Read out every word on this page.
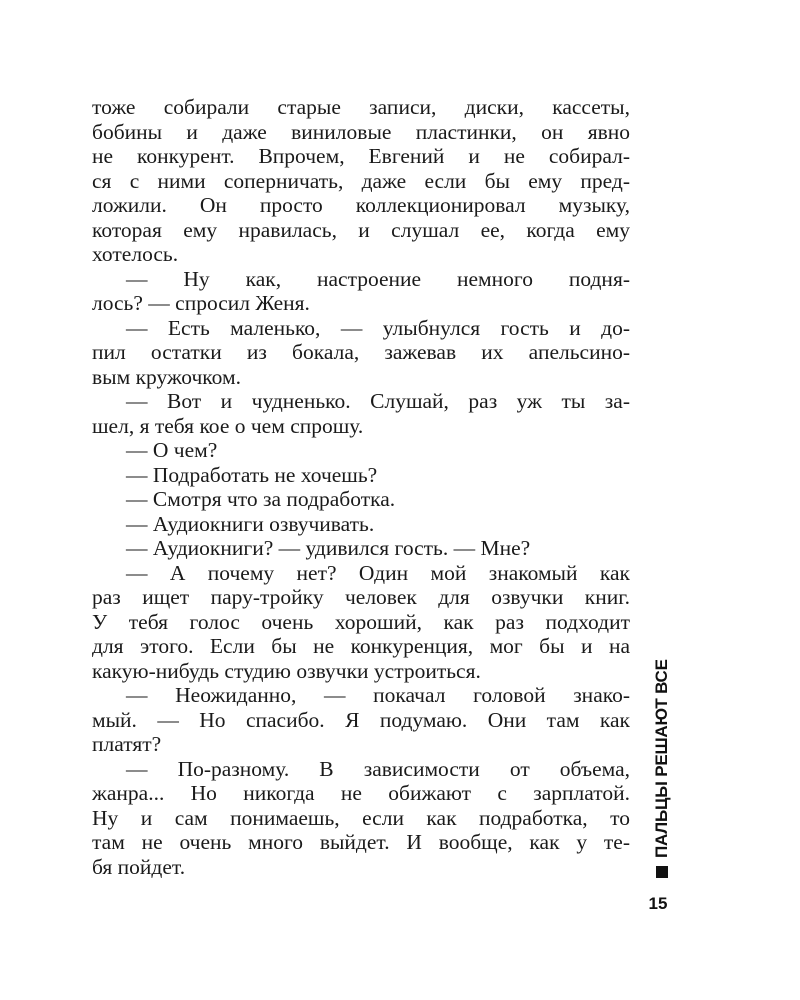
тоже собирали старые записи, диски, кассеты,
бобины и даже виниловые пластинки, он явно
не конкурент. Впрочем, Евгений и не собирал-
ся с ними соперничать, даже если бы ему пред-
ложили. Он просто коллекционировал музыку,
которая ему нравилась, и слушал ее, когда ему
хотелось.
— Ну как, настроение немного подня-
лось? — спросил Женя.
— Есть маленько, — улыбнулся гость и до-
пил остатки из бокала, зажевав их апельсино-
вым кружочком.
— Вот и чудненько. Слушай, раз уж ты за-
шел, я тебя кое о чем спрошу.
— О чем?
— Подработать не хочешь?
— Смотря что за подработка.
— Аудиокниги озвучивать.
— Аудиокниги? — удивился гость. — Мне?
— А почему нет? Один мой знакомый как
раз ищет пару-тройку человек для озвучки книг.
У тебя голос очень хороший, как раз подходит
для этого. Если бы не конкуренция, мог бы и на
какую-нибудь студию озвучки устроиться.
— Неожиданно, — покачал головой знако-
мый. — Но спасибо. Я подумаю. Они там как
платят?
— По-разному. В зависимости от объема,
жанра... Но никогда не обижают с зарплатой.
Ну и сам понимаешь, если как подработка, то
там не очень много выйдет. И вообще, как у те-
бя пойдет.
ПАЛЬЦЫ РЕШАЮТ ВСЕ
15
